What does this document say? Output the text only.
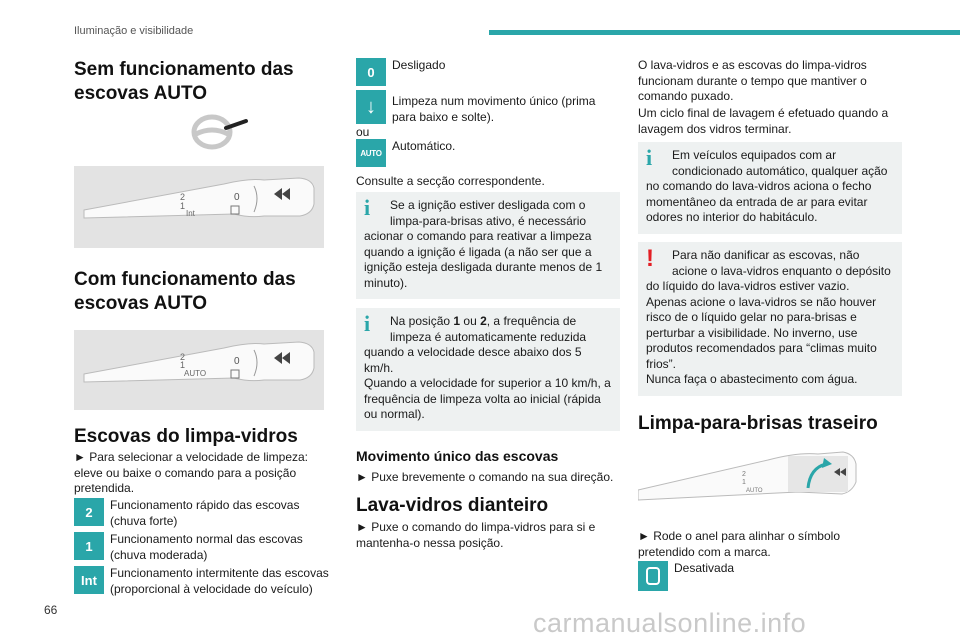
Iluminação e visibilidade
Sem funcionamento das escovas AUTO
2
1
Int
0
Com funcionamento das escovas AUTO
2
1
AUTO
0
Escovas do limpa-vidros

► Para selecionar a velocidade de limpeza: eleve ou baixe o comando para a posição pretendida.

2	Funcionamento rápido das escovas (chuva forte)

1	Funcionamento normal das escovas (chuva moderada)

Int	Funcionamento intermitente das escovas (proporcional à velocidade do veículo)

0	Desligado

↓	Limpeza num movimento único (prima para baixo e solte).

ou

AUTO Automático.

Consulte a secção correspondente.

i	Se a ignição estiver desligada com o limpa-para-brisas ativo, é necessário acionar o comando para reativar a limpeza quando a ignição é ligada (a não ser que a ignição esteja desligada durante menos de 1 minuto).

i	Na posição 1 ou 2, a frequência de limpeza é automaticamente reduzida quando a velocidade desce abaixo dos 5 km/h.

Quando a velocidade for superior a 10 km/h, a frequência de limpeza volta ao inicial (rápida ou normal).

Movimento único das escovas

► Puxe brevemente o comando na sua direção.

Lava-vidros dianteiro

► Puxe o comando do limpa-vidros para si e mantenha-o nessa posição.

O lava-vidros e as escovas do limpa-vidros funcionam durante o tempo que mantiver o comando puxado.

Um ciclo final de lavagem é efetuado quando a lavagem dos vidros terminar.

i	Em veículos equipados com ar condicionado automático, qualquer ação no comando do lava-vidros aciona o fecho momentâneo da entrada de ar para evitar odores no interior do habitáculo.

!	Para não danificar as escovas, não acione o lava-vidros enquanto o depósito do líquido do lava-vidros estiver vazio.

Apenas acione o lava-vidros se não houver risco de o líquido gelar no para-brisas e perturbar a visibilidade. No inverno, use produtos recomendados para “climas muito frios”.

Nunca faça o abastecimento com água.

Limpa-para-brisas traseiro
2
1
AUTO

► Rode o anel para alinhar o símbolo pretendido com a marca.

Desativada

66	carmanualsonline.info
